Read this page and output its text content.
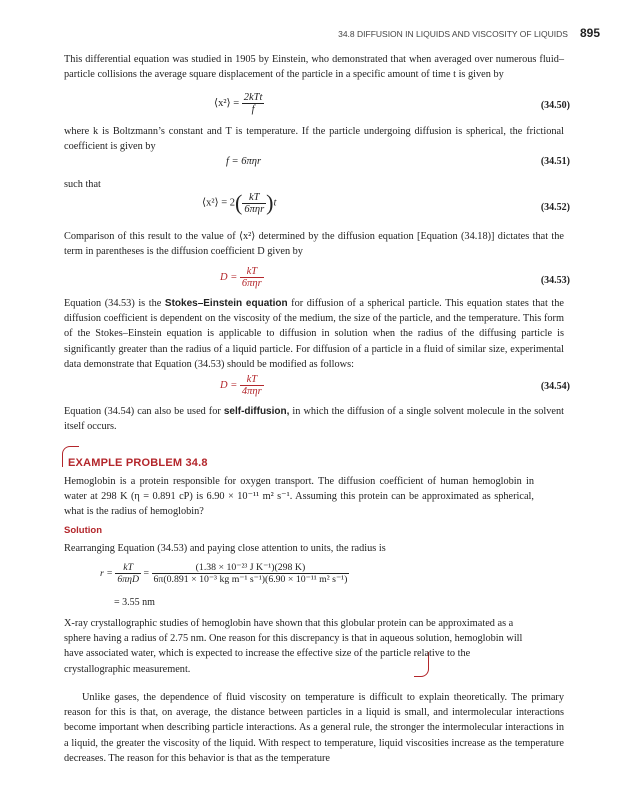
34.8 DIFFUSION IN LIQUIDS AND VISCOSITY OF LIQUIDS 895

This differential equation was studied in 1905 by Einstein, who demonstrated that when averaged over numerous fluid–particle collisions the average square displacement of the particle in a specific amount of time t is given by

⟨x²⟩ = $\frac{\text{2kTt}}{f}$	(34.50)

where k is Boltzmann’s constant and T is temperature. If the particle undergoing diffusion is spherical, the frictional coefficient is given by

f = 6πηr	(34.51)

such that

⟨x²⟩ = $2( \frac{kT}{\text{6πηr}} )t$	(34.52)

Comparison of this result to the value of ⟨x²⟩ determined by the diffusion equation [Equation (34.18)] dictates that the term in parentheses is the diffusion coefficient D given by

$D = \frac{kT}{\text{6πηr}}$	(34.53)

Equation (34.53) is the Stokes–Einstein equation for diffusion of a spherical particle. This equation states that the diffusion coefficient is dependent on the viscosity of the medium, the size of the particle, and the temperature. This form of the Stokes–Einstein equation is applicable to diffusion in solution when the radius of the diffusing particle is significantly greater than the radius of a liquid particle. For diffusion of a particle in a fluid of similar size, experimental data demonstrate that Equation (34.53) should be modified as follows:

$D = \frac{kT}{\text{4πηr}}$	(34.54)

Equation (34.54) can also be used for self-diffusion, in which the diffusion of a single solvent molecule in the solvent itself occurs.

EXAMPLE PROBLEM 34.8

Hemoglobin is a protein responsible for oxygen transport. The diffusion coefficient of human hemoglobin in water at 298 K (η = 0.891 cP) is 6.90 × 10⁻¹¹ m² s⁻¹. Assuming this protein can be approximated as spherical, what is the radius of hemoglobin?

Solution

Rearranging Equation (34.53) and paying close attention to units, the radius is

$r = \frac{kT}{\text{6πηD}} = \frac{\text{(1.38 × 10⁻²³ J K⁻¹)(298 K)}}{\text{6π(0.891 × 10⁻³ kg m⁻¹ s⁻¹)(6.90 × 10⁻¹¹ m² s⁻¹)}}$
= 3.55 nm

X-ray crystallographic studies of hemoglobin have shown that this globular protein can be approximated as a sphere having a radius of 2.75 nm. One reason for this discrepancy is that in aqueous solution, hemoglobin will have associated water, which is expected to increase the effective size of the particle relative to the crystallographic measurement.

Unlike gases, the dependence of fluid viscosity on temperature is difficult to explain theoretically. The primary reason for this is that, on average, the distance between particles in a liquid is small, and intermolecular interactions become important when describing particle interactions. As a general rule, the stronger the intermolecular interactions in a liquid, the greater the viscosity of the liquid. With respect to temperature, liquid viscosities increase as the temperature decreases. The reason for this behavior is that as the temperature
